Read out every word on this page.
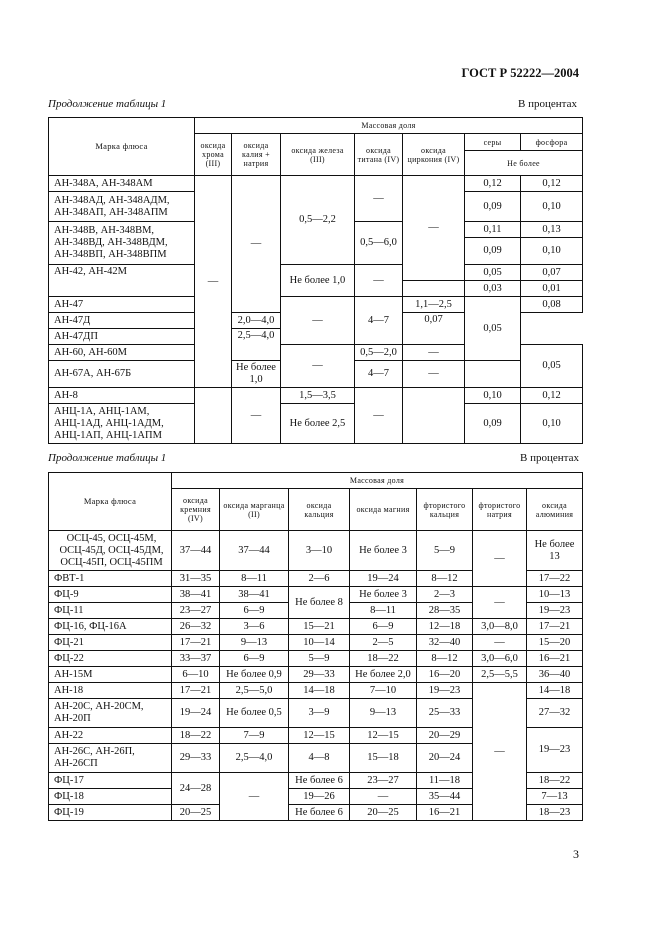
ГОСТ Р 52222—2004
Продолжение таблицы 1	В процентах
Марка флюса	Массовая доля						
	оксида хрома (III)	оксида калия + натрия	оксида железа (III)	оксида титана (IV)	оксида циркония (IV)	серы	фосфора
						Не более	
АН-348А, АН-348АМ	—	—	0,5—2,2	—	—	0,12	0,12
АН-348АД, АН-348АДМ, АН-348АП, АН-348АПМ						0,09	0,10
АН-348В, АН-348ВМ, АН-348ВД, АН-348ВДМ, АН-348ВП, АН-348ВПМ				0,5—6,0		0,11	0,13
						0,09	0,10
АН-42, АН-42М			Не более 1,0	—		0,05	0,07
						0,03	0,01
АН-47			—	4—7	1,1—2,5	0,05	0,08
АН-47Д		2,0—4,0			0,07		
АН-47ДП		2,5—4,0					
АН-60, АН-60М			—	0,5—2,0	—		0,05
АН-67А, АН-67Б		Не более 1,0		4—7	—		
АН-8		—	1,5—3,5	—		0,10	0,12
АНЦ-1А, АНЦ-1АМ, АНЦ-1АД, АНЦ-1АДМ, АНЦ-1АП, АНЦ-1АПМ			Не более 2,5			0,09	0,10
Продолжение таблицы 1	В процентах
Марка флюса	Массовая доля						
	оксида кремния (IV)	оксида марганца (II)	оксида кальция	оксида магния	фтористого кальция	фтористого натрия	оксида алюминия
ОСЦ-45, ОСЦ-45М, ОСЦ-45Д, ОСЦ-45ДМ, ОСЦ-45П, ОСЦ-45ПМ	37—44	37—44	3—10	Не более 3	5—9	—	Не более 13
ФВТ-1	31—35	8—11	2—6	19—24	8—12		17—22
ФЦ-9	38—41	38—41	Не более 8	Не более 3	2—3	—	10—13
ФЦ-11	23—27	6—9		8—11	28—35		19—23
ФЦ-16, ФЦ-16А	26—32	3—6	15—21	6—9	12—18	3,0—8,0	17—21
ФЦ-21	17—21	9—13	10—14	2—5	32—40	—	15—20
ФЦ-22	33—37	6—9	5—9	18—22	8—12	3,0—6,0	16—21
АН-15М	6—10	Не более 0,9	29—33	Не более 2,0	16—20	2,5—5,5	36—40
АН-18	17—21	2,5—5,0	14—18	7—10	19—23	—	14—18
АН-20С, АН-20СМ, АН-20П	19—24	Не более 0,5	3—9	9—13	25—33		27—32
АН-22	18—22	7—9	12—15	12—15	20—29		19—23
АН-26С, АН-26П, АН-26СП	29—33	2,5—4,0	4—8	15—18	20—24		
ФЦ-17	24—28	—	Не более 6	23—27	11—18		18—22
ФЦ-18			19—26	—	35—44		7—13
ФЦ-19	20—25		Не более 6	20—25	16—21		18—23
3
